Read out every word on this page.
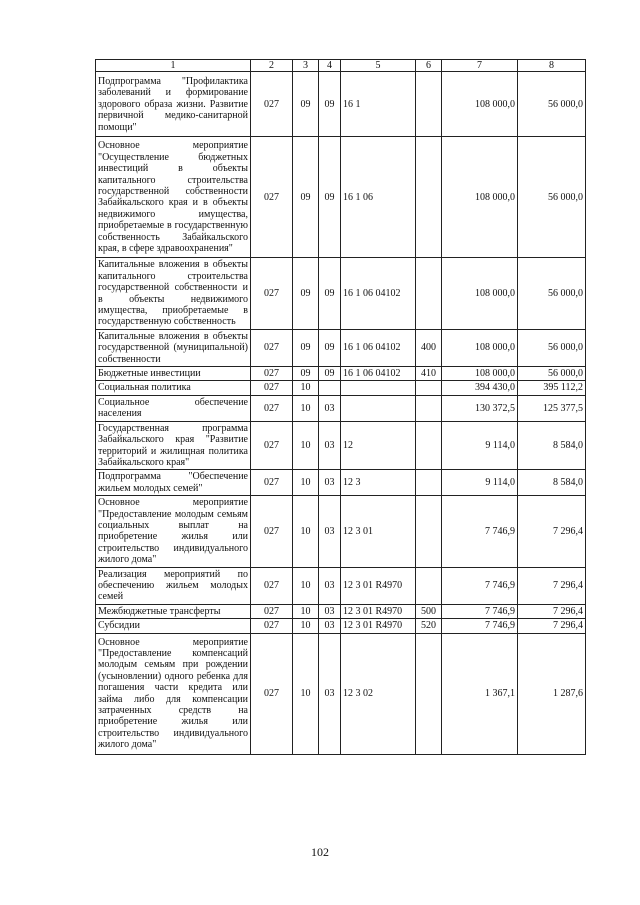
1	2	3	4	5	6	7	8
Подпрограмма "Профилактика заболеваний и формирование здорового образа жизни. Развитие первичной медико-санитарной помощи"	027	09	09	16 1		108 000,0	56 000,0
Основное мероприятие "Осуществление бюджетных инвестиций в объекты капитального строительства государственной собственности Забайкальского края и в объекты недвижимого имущества, приобретаемые в государственную собственность Забайкальского края, в сфере здравоохранения"	027	09	09	16 1 06		108 000,0	56 000,0
Капитальные вложения в объекты капитального строительства государственной собственности и в объекты недвижимого имущества, приобретаемые в государственную собственность	027	09	09	16 1 06 04102		108 000,0	56 000,0
Капитальные вложения в объекты государственной (муниципальной) собственности	027	09	09	16 1 06 04102	400	108 000,0	56 000,0
Бюджетные инвестиции	027	09	09	16 1 06 04102	410	108 000,0	56 000,0
Социальная политика	027	10				394 430,0	395 112,2
Социальное обеспечение населения	027	10	03			130 372,5	125 377,5
Государственная программа Забайкальского края "Развитие территорий и жилищная политика Забайкальского края"	027	10	03	12		9 114,0	8 584,0
Подпрограмма "Обеспечение жильем молодых семей"	027	10	03	12 3		9 114,0	8 584,0
Основное мероприятие "Предоставление молодым семьям социальных выплат на приобретение жилья или строительство индивидуального жилого дома"	027	10	03	12 3 01		7 746,9	7 296,4
Реализация мероприятий по обеспечению жильем молодых семей	027	10	03	12 3 01 R4970		7 746,9	7 296,4
Межбюджетные трансферты	027	10	03	12 3 01 R4970	500	7 746,9	7 296,4
Субсидии	027	10	03	12 3 01 R4970	520	7 746,9	7 296,4
Основное мероприятие "Предоставление компенсаций молодым семьям при рождении (усыновлении) одного ребенка для погашения части кредита или займа либо для компенсации затраченных средств на приобретение жилья или строительство индивидуального жилого дома"	027	10	03	12 3 02		1 367,1	1 287,6
102
